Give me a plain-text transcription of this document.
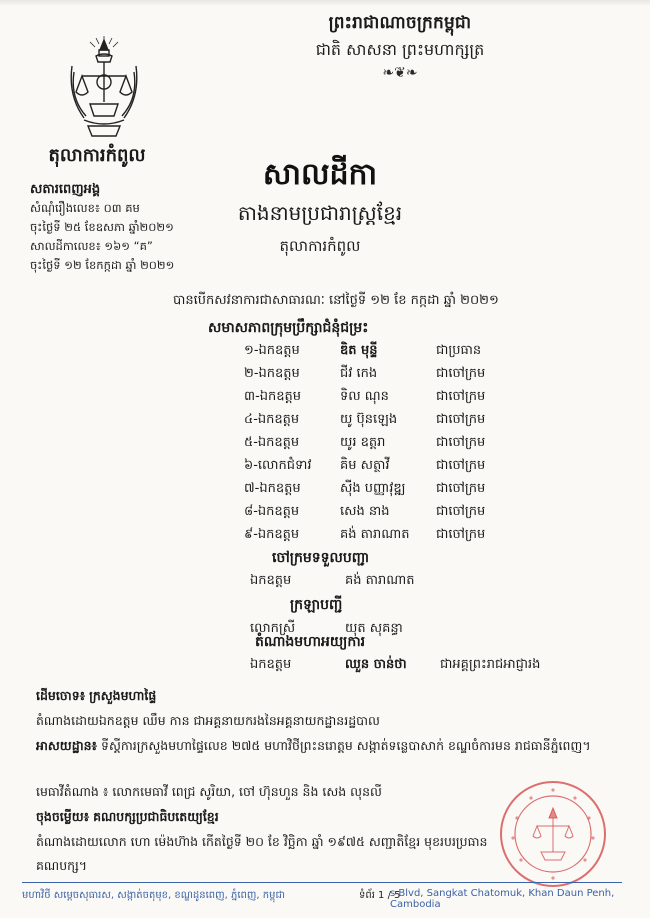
តុលាការកំពូល
ព្រះរាជាណាចក្រកម្ពុជា
ជាតិ សាសនា ព្រះមហាក្សត្រ
❧❦❧
សតារពេញអង្គ
សំណុំរឿងលេខ៖ ០៣ គម
ចុះថ្ងៃទី ២៥ ខែឧសភា ឆ្នាំ២០២១
សាលដីកាលេខ៖ ១៦១ “គ”
ចុះថ្ងៃទី ១២ ខែកក្កដា ឆ្នាំ ២០២១
សាលដីកា
តាងនាមប្រជារាស្ត្រខ្មែរ
តុលាការកំពូល
បានបើកសវនាការជាសាធារណៈ នៅថ្ងៃទី ១២ ខែ កក្កដា ឆ្នាំ ២០២១
សមាសភាពក្រុមប្រឹក្សាជំនុំជម្រះ
១-ឯកឧត្តម	ឌិត មុន្ទី	ជាប្រធាន
២-ឯកឧត្តម	ជីវ កេង	ជាចៅក្រម
៣-ឯកឧត្តម	ទិល ណុន	ជាចៅក្រម
៤-ឯកឧត្តម	យូ ប៊ុនឡេង	ជាចៅក្រម
៥-ឯកឧត្តម	យូរ ឧត្តរា	ជាចៅក្រម
៦-លោកជំទាវ គិម សត្ថាវី	ជាចៅក្រម
៧-ឯកឧត្តម	ស៊ីង បញ្ញាវុឌ្ឍ ជាចៅក្រម
៨-ឯកឧត្តម	សេង នាង	ជាចៅក្រម
៩-ឯកឧត្តម	គង់ តារាណាត ជាចៅក្រម
ចៅក្រមទទួលបញ្ជា
ឯកឧត្តម	គង់ តារាណាត
ក្រឡាបញ្ជី
លោកស្រី	យុត សុគន្ធា
តំណាងមហាអយ្យការ
ឯកឧត្តម	ឈួន ចាន់ថា	ជាអគ្គព្រះរាជអាជ្ញារង
ដើមចោទ៖ ក្រសួងមហាផ្ទៃ
តំណាងដោយឯកឧត្តម ឈឹម កាន ជាអគ្គនាយករងនៃអគ្គនាយកដ្ឋានរដ្ឋបាល
អាសយដ្ឋាន៖ ទីស្ដីការក្រសួងមហាផ្ទៃលេខ ២៧៥ មហាវិថីព្រះនរោត្តម សង្កាត់ទន្លេបាសាក់ ខណ្ឌចំការមន រាជធានីភ្នំពេញ។
មេធាវីតំណាង ៖ លោកមេធាវី ពេជ្រ សូរិយា, ចៅ ហ៊ុនហួន និង សេង លុនលី
ចុងចម្លើយ៖ គណបក្សប្រជាធិបតេយ្យខ្មែរ
តំណាងដោយលោក ហោ ម៉េងហ៊ាង កើតថ្ងៃទី ២០ ខែ វិច្ឆិកា ឆ្នាំ ១៩៧៥ សញ្ជាតិខ្មែរ មុខរបរប្រធាន
គណបក្ស។
មហាវិថី សម្តេចសុធារស, សង្កាត់ចតុមុខ, ខណ្ឌដូនពេញ, ភ្នំពេញ, កម្ពុជា	ទំព័រ 1 / 5
s Blvd, Sangkat Chatomuk, Khan Daun Penh, Cambodia
